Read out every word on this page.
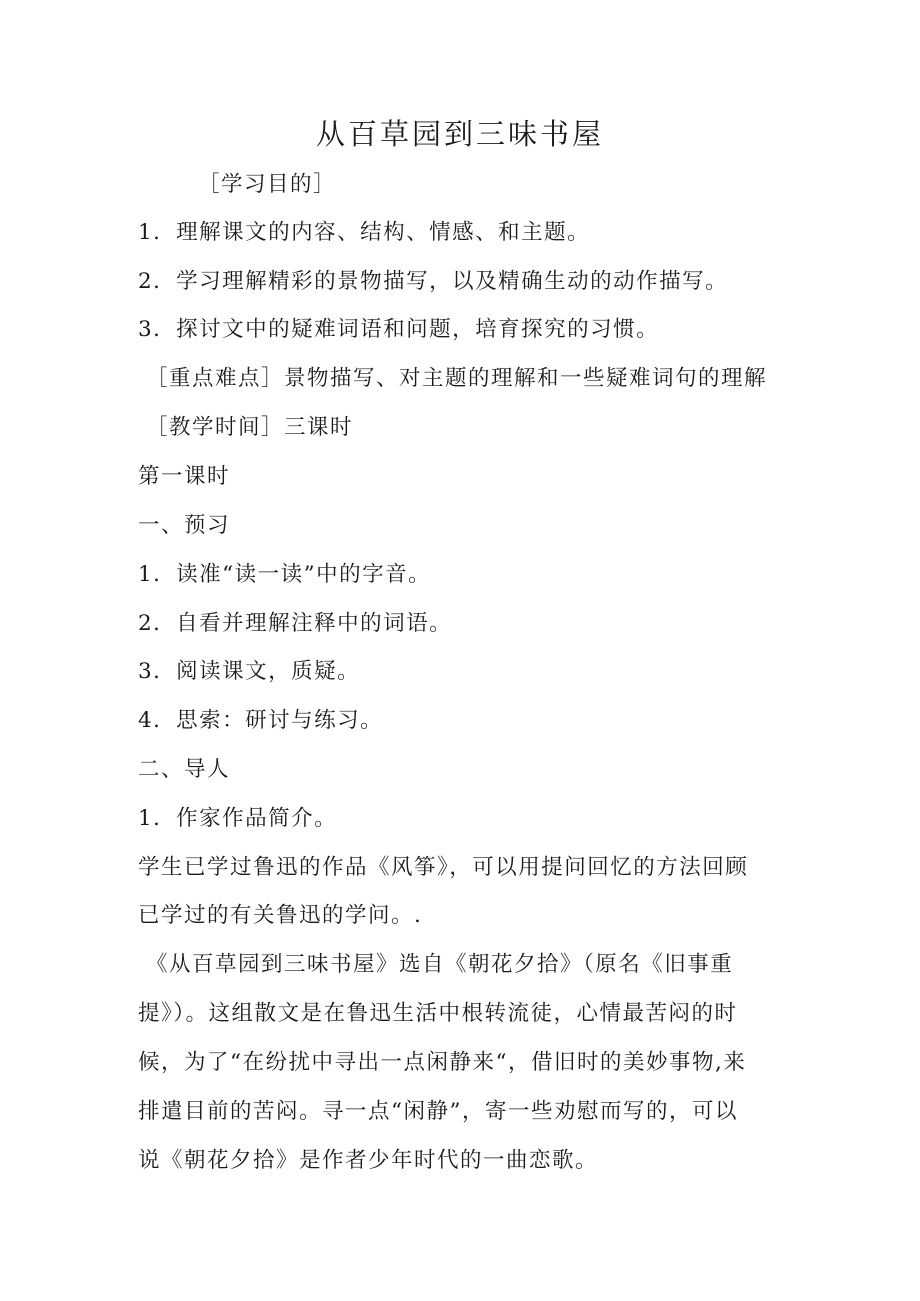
从百草园到三味书屋
［学习目的］
1．理解课文的内容、结构、情感、和主题。
2．学习理解精彩的景物描写，以及精确生动的动作描写。
3．探讨文中的疑难词语和问题，培育探究的习惯。
［重点难点］景物描写、对主题的理解和一些疑难词句的理解
［教学时间］三课时
第一课时
一、预习
1．读准“读一读”中的字音。
2．自看并理解注释中的词语。
3．阅读课文，质疑。
4．思索：研讨与练习。
二、导人
1．作家作品简介。
学生已学过鲁迅的作品《风筝》，可以用提问回忆的方法回顾
已学过的有关鲁迅的学问。.
《从百草园到三味书屋》选自《朝花夕拾》（原名《旧事重
提》）。这组散文是在鲁迅生活中根转流徒，心情最苦闷的时
候，为了“在纷扰中寻出一点闲静来“，借旧时的美妙事物,来
排遣目前的苦闷。寻一点“闲静”，寄一些劝慰而写的，可以
说《朝花夕拾》是作者少年时代的一曲恋歌。
